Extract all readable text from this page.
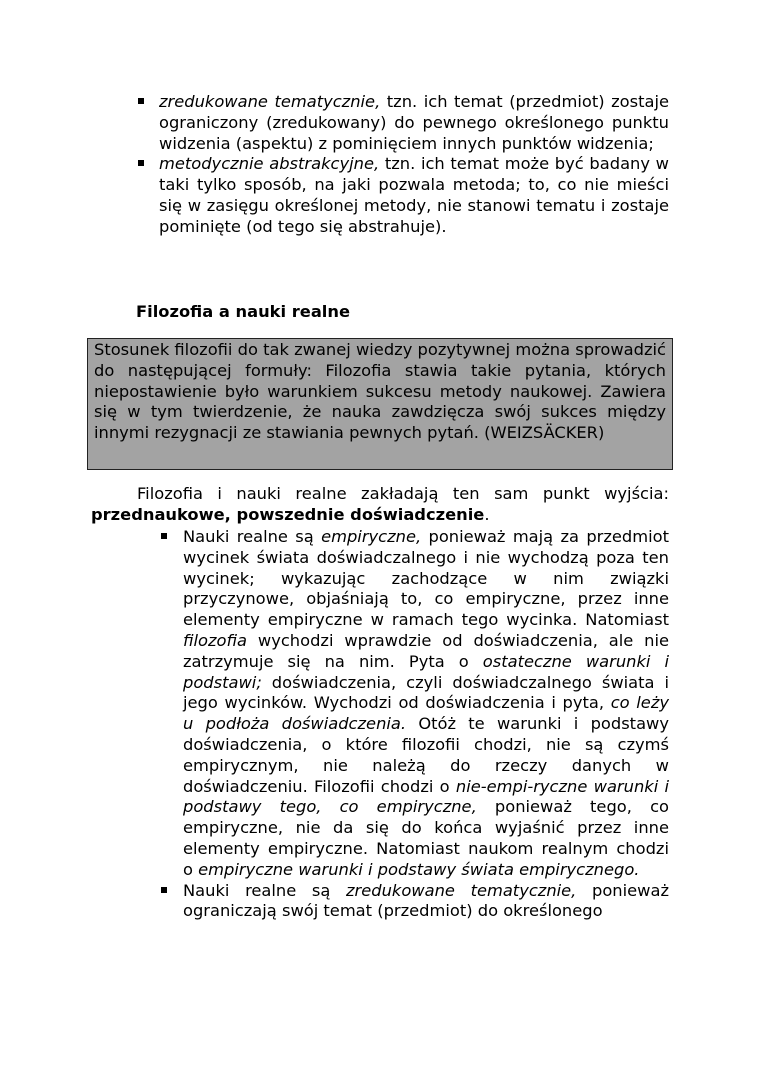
zredukowane tematycznie, tzn. ich temat (przedmiot) zostaje ograniczony (zredukowany) do pewnego określonego punktu widzenia (aspektu) z pominięciem innych punktów widzenia;
metodycznie abstrakcyjne, tzn. ich temat może być badany w taki tylko sposób, na jaki pozwala metoda; to, co nie mieści się w zasięgu określonej metody, nie stanowi tematu i zostaje pominięte (od tego się abstrahuje).
Filozofia a nauki realne
Stosunek filozofii do tak zwanej wiedzy pozytywnej można sprowadzić do następującej formuły: Filozofia stawia takie pytania, których niepostawienie było warunkiem sukcesu metody naukowej. Zawiera się w tym twierdzenie, że nauka zawdzięcza swój sukces między innymi rezygnacji ze stawiania pewnych pytań. (WEIZSÄCKER)

Filozofia i nauki realne zakładają ten sam punkt wyjścia: przednaukowe, powszednie doświadczenie.

Nauki realne są empiryczne, ponieważ mają za przedmiot wycinek świata doświadczalnego i nie wychodzą poza ten wycinek; wykazując zachodzące w nim związki przyczynowe, objaśniają to, co empiryczne, przez inne elementy empiryczne w ramach tego wycinka. Natomiast filozofia wychodzi wprawdzie od doświadczenia, ale nie zatrzymuje się na nim. Pyta o ostateczne warunki i podstawi; doświadczenia, czyli doświadczalnego świata i jego wycinków. Wychodzi od doświadczenia i pyta, co leży u podłoża doświadczenia. Otóż te warunki i podstawy doświadczenia, o które filozofii chodzi, nie są czymś empirycznym, nie należą do rzeczy danych w doświadczeniu. Filozofii chodzi o nie-empi-ryczne warunki i podstawy tego, co empiryczne, ponieważ tego, co empiryczne, nie da się do końca wyjaśnić przez inne elementy empiryczne. Natomiast naukom realnym chodzi o empiryczne warunki i podstawy świata empirycznego.
Nauki realne są zredukowane tematycznie, ponieważ ograniczają swój temat (przedmiot) do określonego
